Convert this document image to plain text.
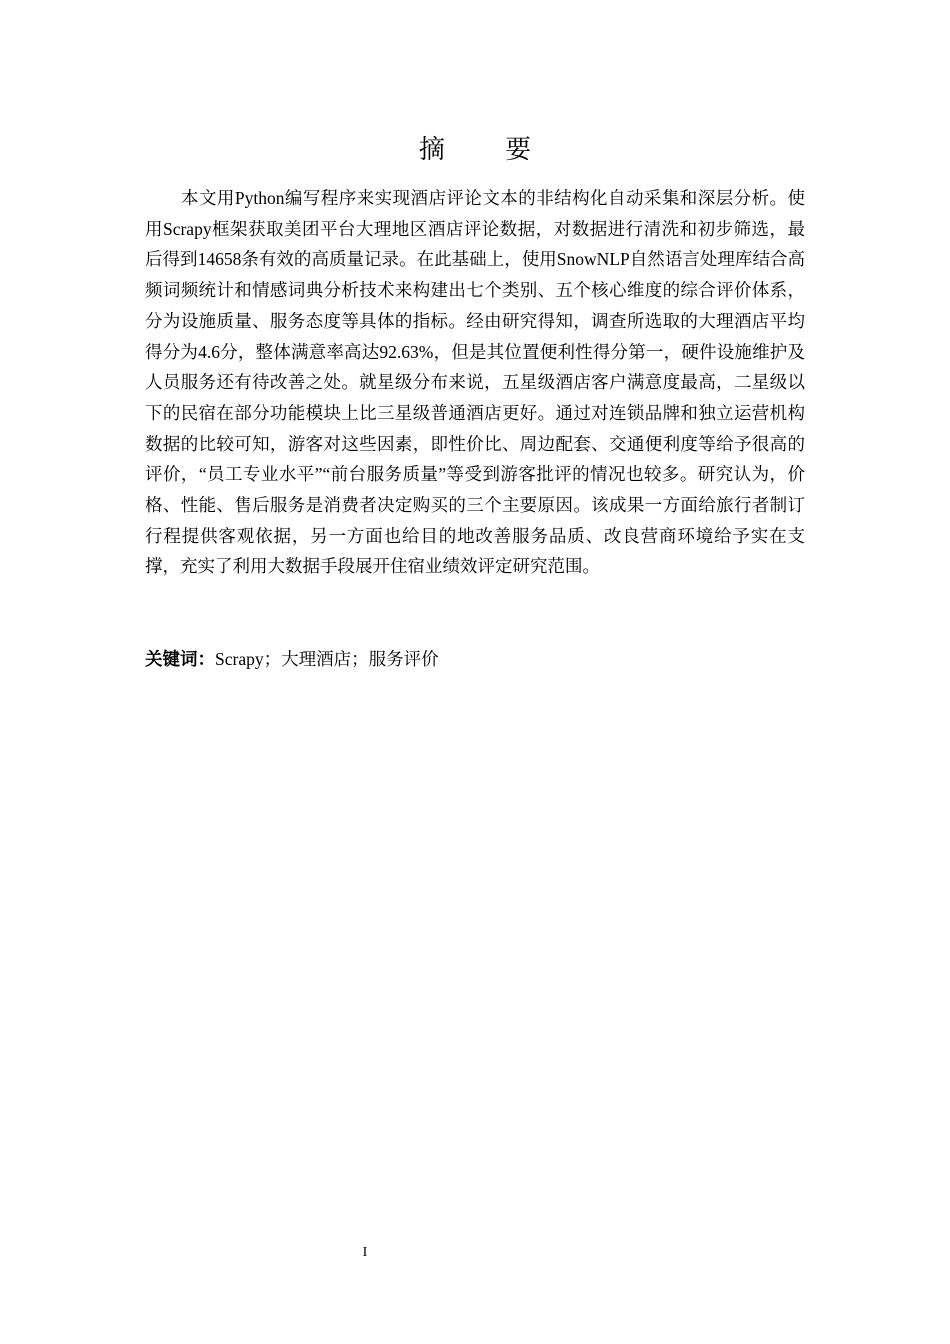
摘 要

本文用Python编写程序来实现酒店评论文本的非结构化自动采集和深层分析。使用Scrapy框架获取美团平台大理地区酒店评论数据，对数据进行清洗和初步筛选，最后得到14658条有效的高质量记录。在此基础上，使用SnowNLP自然语言处理库结合高频词频统计和情感词典分析技术来构建出七个类别、五个核心维度的综合评价体系，分为设施质量、服务态度等具体的指标。经由研究得知，调查所选取的大理酒店平均得分为4.6分，整体满意率高达92.63%，但是其位置便利性得分第一，硬件设施维护及人员服务还有待改善之处。就星级分布来说，五星级酒店客户满意度最高，二星级以下的民宿在部分功能模块上比三星级普通酒店更好。通过对连锁品牌和独立运营机构数据的比较可知，游客对这些因素，即性价比、周边配套、交通便利度等给予很高的评价，“员工专业水平”“前台服务质量”等受到游客批评的情况也较多。研究认为，价格、性能、售后服务是消费者决定购买的三个主要原因。该成果一方面给旅行者制订行程提供客观依据，另一方面也给目的地改善服务品质、改良营商环境给予实在支撑，充实了利用大数据手段展开住宿业绩效评定研究范围。

关键词：Scrapy；大理酒店；服务评价

I
